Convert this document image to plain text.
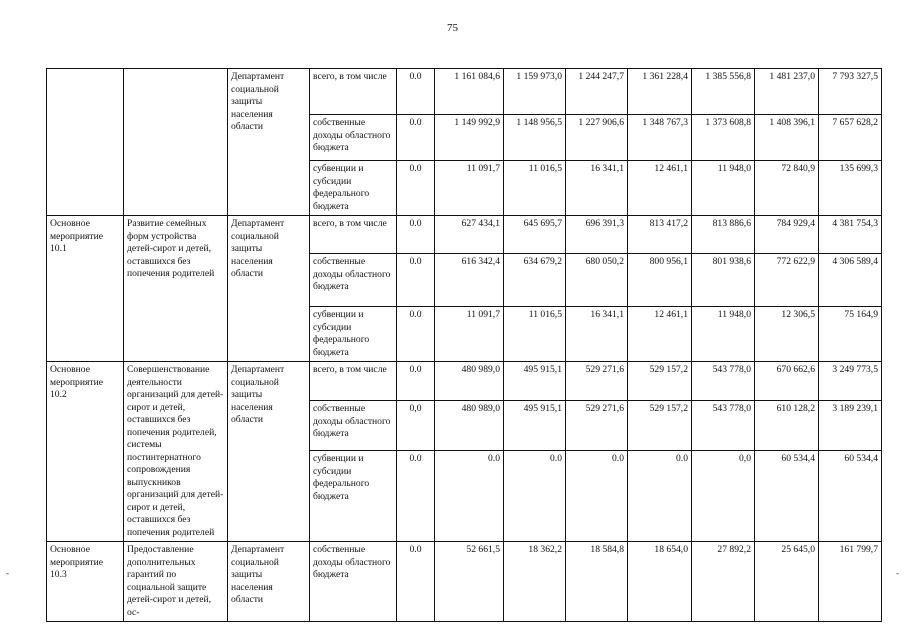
75
-	-
		Департамент социальной защиты населения области	всего, в том числе	0.0	1 161 084,6	1 159 973,0	1 244 247,7	1 361 228,4	1 385 556,8	1 481 237,0	7 793 327,5
			собственные доходы областного бюджета	0.0	1 149 992,9	1 148 956,5	1 227 906,6	1 348 767,3	1 373 608,8	1 408 396,1	7 657 628,2
			субвенции и субсидии федерального бюджета	0.0	11 091,7	11 016,5	16 341,1	12 461,1	11 948,0	72 840,9	135 699,3
Основное мероприятие 10.1	Развитие семейных форм устройства детей-сирот и детей, оставшихся без попечения родителей	Департамент социальной защиты населения области	всего, в том числе	0.0	627 434,1	645 695,7	696 391,3	813 417,2	813 886,6	784 929,4	4 381 754,3
			собственные доходы областного бюджета	0.0	616 342,4	634 679,2	680 050,2	800 956,1	801 938,6	772 622,9	4 306 589,4
			субвенции и субсидии федерального бюджета	0.0	11 091,7	11 016,5	16 341,1	12 461,1	11 948,0	12 306,5	75 164,9
Основное мероприятие 10.2	Совершенствование деятельности организаций для детей-сирот и детей, оставшихся без попечения родителей, системы постинтернатного сопровождения выпускников организаций для детей-сирот и детей, оставшихся без попечения родителей	Департамент социальной защиты населения области	всего, в том числе	0.0	480 989,0	495 915,1	529 271,6	529 157,2	543 778,0	670 662,6	3 249 773,5
			собственные доходы областного бюджета	0,0	480 989,0	495 915,1	529 271,6	529 157,2	543 778,0	610 128,2	3 189 239,1
			субвенции и субсидии федерального бюджета	0.0	0.0	0.0	0.0	0.0	0,0	60 534,4	60 534,4
Основное мероприятие 10.3	Предоставление дополнительных гарантий по социальной защите детей-сирот и детей, ос-	Департамент социальной защиты населения области	собственные доходы областного бюджета	0.0	52 661,5	18 362,2	18 584,8	18 654,0	27 892,2	25 645,0	161 799,7
